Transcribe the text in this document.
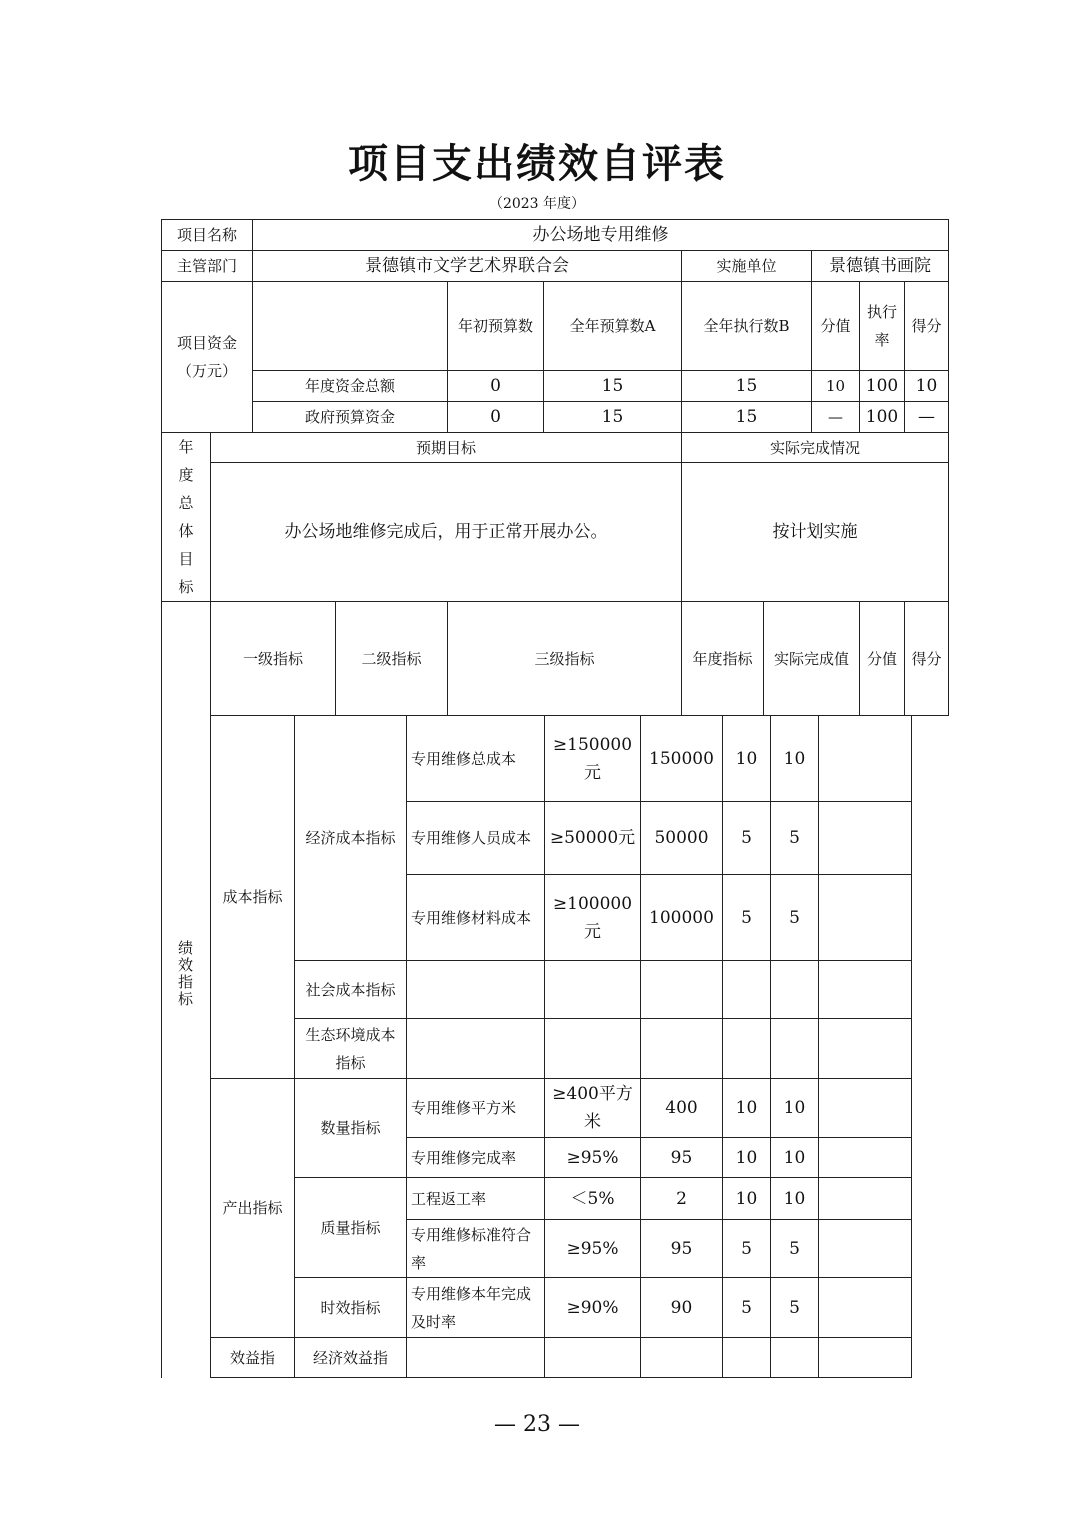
项目支出绩效自评表
（2023 年度）
项目名称		办公场地专用维修								
主管部门		景德镇市文学艺术界联合会				实施单位		景德镇书画院		
项目资金（万元）				年初预算数	全年预算数A	全年执行数B		分值	执行率	得分
		年度资金总额		0	15	15		10	100	10
		政府预算资金		0	15	15		—	100	—

年度总体目标	预期目标					实际完成情况				
	办公场地维修完成后，用于正常开展办公。					按计划实施				
	一级指标		二级指标	三级指标		年度指标	实际完成值		分值	得分
	成本指标	经济成本指标	专用维修总成本	≥150000元	150000	10	10	
			专用维修人员成本	≥50000元	50000	5	5	
			专用维修材料成本	≥100000元	100000	5	5	
		社会成本指标						
		生态环境成本指标						
	产出指标	数量指标	专用维修平方米	≥400平方米	400	10	10	
			专用维修完成率	≥95%	95	10	10	
		质量指标	工程返工率	＜5%	2	10	10	
			专用维修标准符合率	≥95%	95	5	5	
		时效指标	专用维修本年完成及时率	≥90%	90	5	5	
	效益指	经济效益指						
— 23 —
绩效指标
